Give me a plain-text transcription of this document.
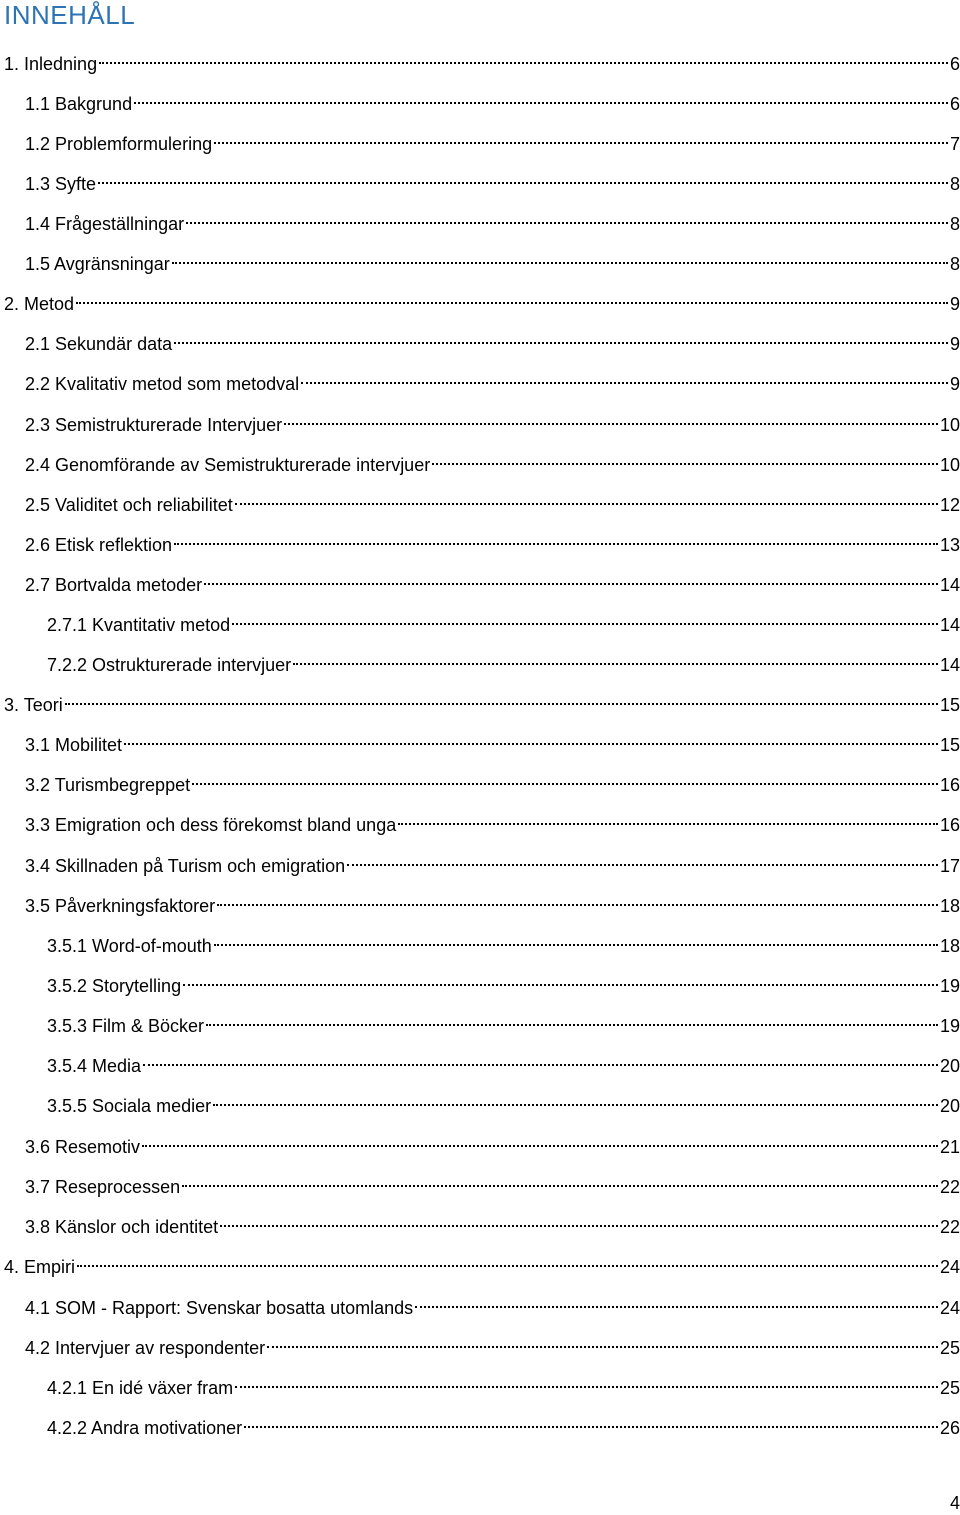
INNEHÅLL
1. Inledning	6
1.1 Bakgrund	6
1.2 Problemformulering	7
1.3 Syfte	8
1.4 Frågeställningar	8
1.5 Avgränsningar	8
2. Metod	9
2.1 Sekundär data	9
2.2 Kvalitativ metod som metodval	9
2.3 Semistrukturerade Intervjuer	10
2.4 Genomförande av Semistrukturerade intervjuer	10
2.5 Validitet och reliabilitet	12
2.6 Etisk reflektion	13
2.7 Bortvalda metoder	14
2.7.1 Kvantitativ metod	14
7.2.2 Ostrukturerade intervjuer	14
3. Teori	15
3.1 Mobilitet	15
3.2 Turismbegreppet	16
3.3 Emigration och dess förekomst bland unga	16
3.4 Skillnaden på Turism och emigration	17
3.5 Påverkningsfaktorer	18
3.5.1 Word-of-mouth	18
3.5.2 Storytelling	19
3.5.3 Film & Böcker	19
3.5.4 Media	20
3.5.5 Sociala medier	20
3.6 Resemotiv	21
3.7 Reseprocessen	22
3.8 Känslor och identitet	22
4. Empiri	24
4.1 SOM - Rapport: Svenskar bosatta utomlands	24
4.2 Intervjuer av respondenter	25
4.2.1 En idé växer fram	25
4.2.2 Andra motivationer	26
4
